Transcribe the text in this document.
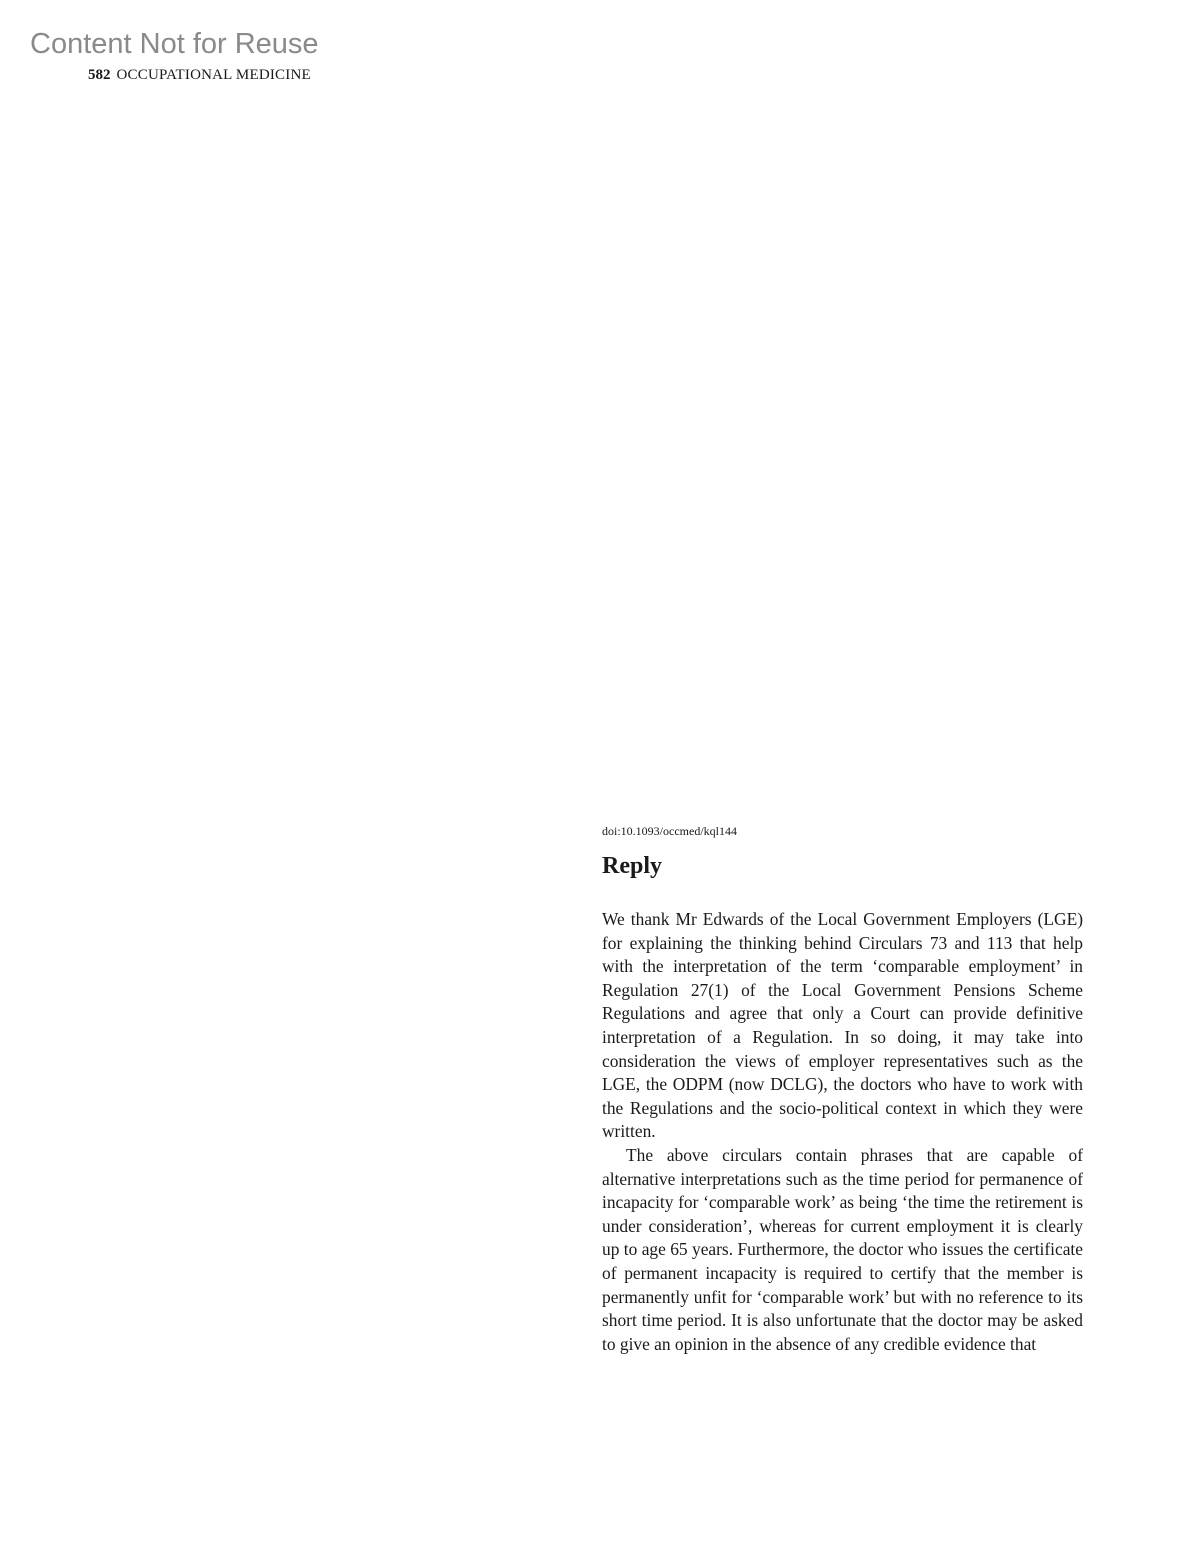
Content Not for Reuse
582 OCCUPATIONAL MEDICINE

doi:10.1093/occmed/kql144

Reply

We thank Mr Edwards of the Local Government Employers (LGE) for explaining the thinking behind Circulars 73 and 113 that help with the interpretation of the term ‘comparable employment’ in Regulation 27(1) of the Local Government Pensions Scheme Regulations and agree that only a Court can provide definitive interpretation of a Regulation. In so doing, it may take into consideration the views of employer representatives such as the LGE, the ODPM (now DCLG), the doctors who have to work with the Regulations and the socio-political context in which they were written.

The above circulars contain phrases that are capable of alternative interpretations such as the time period for permanence of incapacity for ‘comparable work’ as being ‘the time the retirement is under consideration’, whereas for current employment it is clearly up to age 65 years. Furthermore, the doctor who issues the certificate of permanent incapacity is required to certify that the member is permanently unfit for ‘comparable work’ but with no reference to its short time period. It is also unfortunate that the doctor may be asked to give an opinion in the absence of any credible evidence that
